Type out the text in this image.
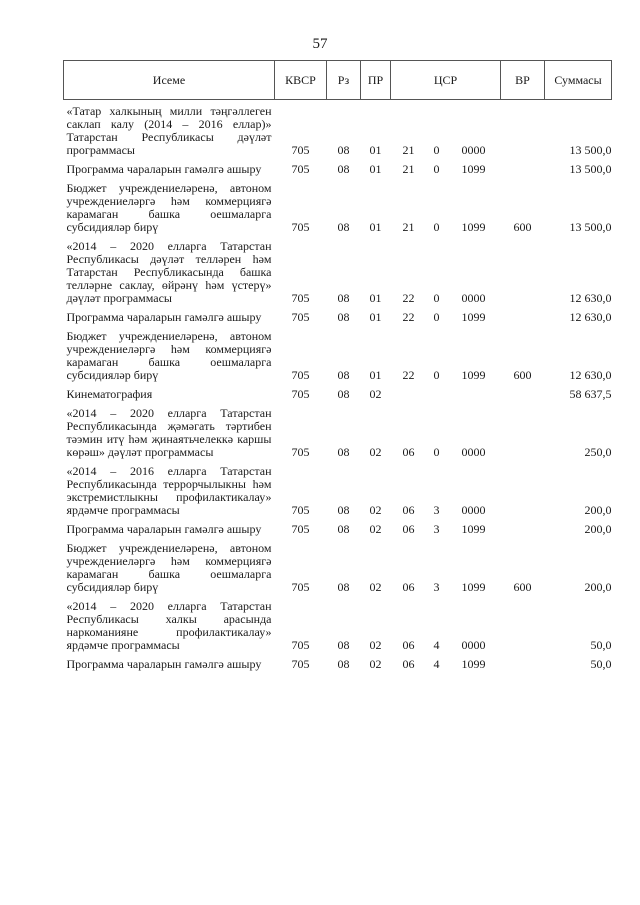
57
Исеме	КВСР	Рз	ПР	ЦСР			ВР	Суммасы
«Татар халкының милли тәңгәллеген саклап калу (2014 – 2016 еллар)» Татарстан Республикасы дәүләт программасы	705	08	01	21	0	0000		13 500,0
Программа чараларын гамәлгә ашыру	705	08	01	21	0	1099		13 500,0
Бюджет учреждениеләренә, автоном учреждениеләргә һәм коммерциягә карамаган башка оешмаларга субсидияләр бирү	705	08	01	21	0	1099	600	13 500,0
«2014 – 2020 елларга Татарстан Республикасы дәүләт телләрен һәм Татарстан Республикасында башка телләрне саклау, өйрәнү һәм үстерү» дәүләт программасы	705	08	01	22	0	0000		12 630,0
Программа чараларын гамәлгә ашыру	705	08	01	22	0	1099		12 630,0
Бюджет учреждениеләренә, автоном учреждениеләргә һәм коммерциягә карамаган башка оешмаларга субсидияләр бирү	705	08	01	22	0	1099	600	12 630,0
Кинематография	705	08	02					58 637,5
«2014 – 2020 елларга Татарстан Республикасында җәмәгать тәртибен тәэмин итү һәм җинаятьчелеккә каршы көрәш» дәүләт программасы	705	08	02	06	0	0000		250,0
«2014 – 2016 елларга Татарстан Республикасында террорчылыкны һәм экстремистлыкны профилактикалау» ярдәмче программасы	705	08	02	06	3	0000		200,0
Программа чараларын гамәлгә ашыру	705	08	02	06	3	1099		200,0
Бюджет учреждениеләренә, автоном учреждениеләргә һәм коммерциягә карамаган башка оешмаларга субсидияләр бирү	705	08	02	06	3	1099	600	200,0
«2014 – 2020 елларга Татарстан Республикасы халкы арасында наркоманияне профилактикалау» ярдәмче программасы	705	08	02	06	4	0000		50,0
Программа чараларын гамәлгә ашыру	705	08	02	06	4	1099		50,0
